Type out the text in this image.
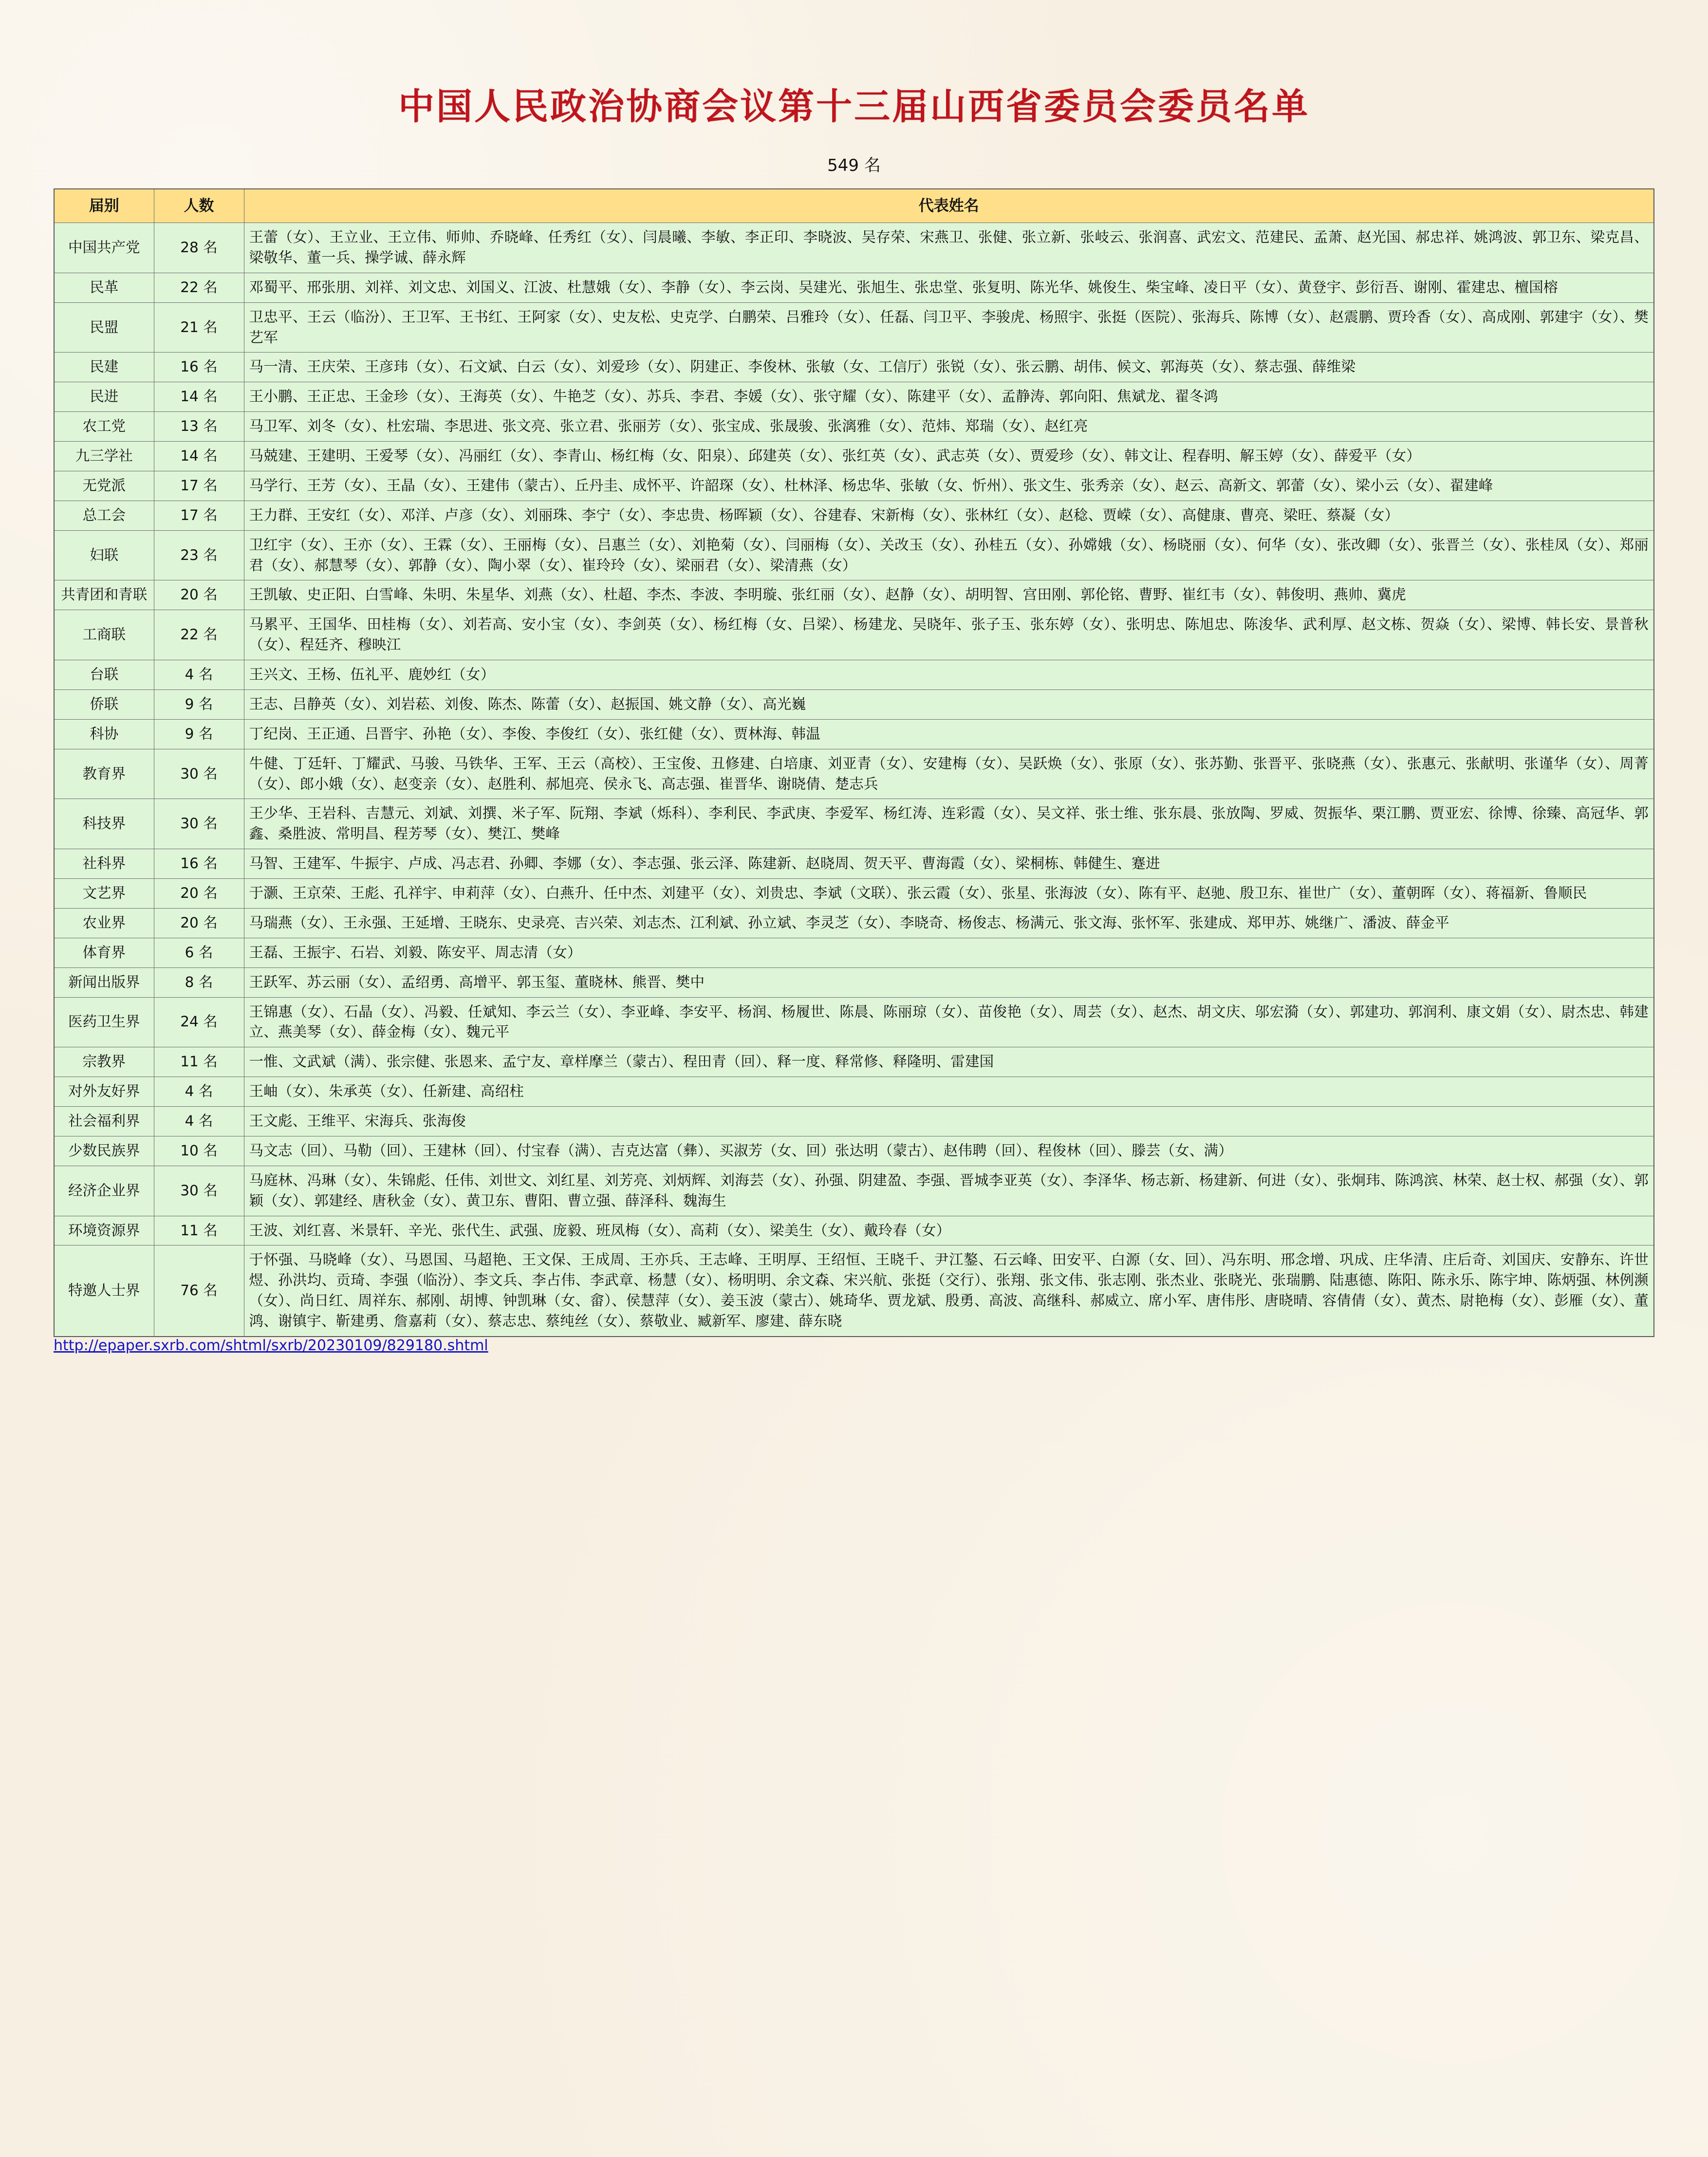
中国人民政治协商会议第十三届山西省委员会委员名单
549 名
届别	人数	代表姓名
中国共产党	28 名	王蕾（女）、王立业、王立伟、师帅、乔晓峰、任秀红（女）、闫晨曦、李敏、李正印、李晓波、吴存荣、宋燕卫、张健、张立新、张岐云、张润喜、武宏文、范建民、孟萧、赵光国、郝忠祥、姚鸿波、郭卫东、梁克昌、梁敬华、董一兵、操学诚、薛永辉
民革	22 名	邓蜀平、邢张朋、刘祥、刘文忠、刘国义、江波、杜慧娥（女）、李静（女）、李云岗、吴建光、张旭生、张忠堂、张复明、陈光华、姚俊生、柴宝峰、凌日平（女）、黄登宇、彭衍吾、谢刚、霍建忠、檀国榕
民盟	21 名	卫忠平、王云（临汾）、王卫军、王书红、王阿家（女）、史友松、史克学、白鹏荣、吕雅玲（女）、任磊、闫卫平、李骏虎、杨照宇、张挺（医院）、张海兵、陈博（女）、赵震鹏、贾玲香（女）、高成刚、郭建宇（女）、樊艺军
民建	16 名	马一清、王庆荣、王彦玮（女）、石文斌、白云（女）、刘爱珍（女）、阴建正、李俊林、张敏（女、工信厅）张锐（女）、张云鹏、胡伟、候文、郭海英（女）、蔡志强、薛维梁
民进	14 名	王小鹏、王正忠、王金珍（女）、王海英（女）、牛艳芝（女）、苏兵、李君、李媛（女）、张守耀（女）、陈建平（女）、孟静涛、郭向阳、焦斌龙、翟冬鸿
农工党	13 名	马卫军、刘冬（女）、杜宏瑞、李思进、张文亮、张立君、张丽芳（女）、张宝成、张晟骏、张漓雅（女）、范炜、郑瑞（女）、赵红亮
九三学社	14 名	马兢建、王建明、王爱琴（女）、冯丽红（女）、李青山、杨红梅（女、阳泉）、邱建英（女）、张红英（女）、武志英（女）、贾爱珍（女）、韩文让、程春明、解玉婷（女）、薛爱平（女）
无党派	17 名	马学行、王芳（女）、王晶（女）、王建伟（蒙古）、丘丹圭、成怀平、许韶琛（女）、杜林泽、杨忠华、张敏（女、忻州）、张文生、张秀亲（女）、赵云、高新文、郭蕾（女）、梁小云（女）、翟建峰
总工会	17 名	王力群、王安红（女）、邓洋、卢彦（女）、刘丽珠、李宁（女）、李忠贵、杨晖颖（女）、谷建春、宋新梅（女）、张林红（女）、赵稔、贾嵘（女）、高健康、曹亮、梁旺、蔡凝（女）
妇联	23 名	卫红宇（女）、王亦（女）、王霖（女）、王丽梅（女）、吕惠兰（女）、刘艳菊（女）、闫丽梅（女）、关改玉（女）、孙桂五（女）、孙嫦娥（女）、杨晓丽（女）、何华（女）、张改卿（女）、张晋兰（女）、张桂凤（女）、郑丽君（女）、郝慧琴（女）、郭静（女）、陶小翠（女）、崔玲玲（女）、梁丽君（女）、梁清燕（女）
共青团和青联	20 名	王凯敏、史正阳、白雪峰、朱明、朱星华、刘燕（女）、杜超、李杰、李波、李明璇、张红丽（女）、赵静（女）、胡明智、宫田刚、郭伦铭、曹野、崔红韦（女）、韩俊明、燕帅、冀虎
工商联	22 名	马累平、王国华、田桂梅（女）、刘若高、安小宝（女）、李剑英（女）、杨红梅（女、吕梁）、杨建龙、吴晓年、张子玉、张东婷（女）、张明忠、陈旭忠、陈浚华、武利厚、赵文栋、贺焱（女）、梁博、韩长安、景普秋（女）、程廷齐、穆映江
台联	4 名	王兴文、王杨、伍礼平、鹿妙红（女）
侨联	9 名	王志、吕静英（女）、刘岩菘、刘俊、陈杰、陈蕾（女）、赵振国、姚文静（女）、高光巍
科协	9 名	丁纪岗、王正通、吕晋宇、孙艳（女）、李俊、李俊红（女）、张红健（女）、贾林海、韩温
教育界	30 名	牛健、丁廷轩、丁耀武、马骏、马铁华、王军、王云（高校）、王宝俊、丑修建、白培康、刘亚青（女）、安建梅（女）、吴跃焕（女）、张原（女）、张苏勤、张晋平、张晓燕（女）、张惠元、张献明、张谨华（女）、周菁（女）、郎小娥（女）、赵变亲（女）、赵胜利、郝旭亮、侯永飞、高志强、崔晋华、谢晓倩、楚志兵
科技界	30 名	王少华、王岩科、吉慧元、刘斌、刘撰、米子军、阮翔、李斌（烁科）、李利民、李武庚、李爱军、杨红涛、连彩霞（女）、吴文祥、张士维、张东晨、张放陶、罗威、贺振华、栗江鹏、贾亚宏、徐博、徐臻、高冠华、郭鑫、桑胜波、常明昌、程芳琴（女）、樊江、樊峰
社科界	16 名	马智、王建军、牛振宇、卢成、冯志君、孙卿、李娜（女）、李志强、张云泽、陈建新、赵晓周、贺天平、曹海霞（女）、梁桐栋、韩健生、蹇进
文艺界	20 名	于灏、王京荣、王彪、孔祥宇、申莉萍（女）、白燕升、任中杰、刘建平（女）、刘贵忠、李斌（文联）、张云霞（女）、张星、张海波（女）、陈有平、赵驰、殷卫东、崔世广（女）、董朝晖（女）、蒋福新、鲁顺民
农业界	20 名	马瑞燕（女）、王永强、王延增、王晓东、史录亮、吉兴荣、刘志杰、江利斌、孙立斌、李灵芝（女）、李晓奇、杨俊志、杨满元、张文海、张怀军、张建成、郑甲苏、姚继广、潘波、薛金平
体育界	6 名	王磊、王振宇、石岩、刘毅、陈安平、周志清（女）
新闻出版界	8 名	王跃军、苏云丽（女）、孟绍勇、高增平、郭玉玺、董晓林、熊晋、樊中
医药卫生界	24 名	王锦惠（女）、石晶（女）、冯毅、任斌知、李云兰（女）、李亚峰、李安平、杨润、杨履世、陈晨、陈丽琼（女）、苗俊艳（女）、周芸（女）、赵杰、胡文庆、邬宏漪（女）、郭建功、郭润利、康文娟（女）、尉杰忠、韩建立、燕美琴（女）、薛金梅（女）、魏元平
宗教界	11 名	一惟、文武斌（满）、张宗健、张恩来、孟宁友、章样摩兰（蒙古）、程田青（回）、释一度、释常修、释隆明、雷建国
对外友好界	4 名	王岫（女）、朱承英（女）、任新建、高绍柱
社会福利界	4 名	王文彪、王维平、宋海兵、张海俊
少数民族界	10 名	马文志（回）、马勒（回）、王建林（回）、付宝春（满）、吉克达富（彝）、买淑芳（女、回）张达明（蒙古）、赵伟聘（回）、程俊林（回）、滕芸（女、满）
经济企业界	30 名	马庭林、冯琳（女）、朱锦彪、任伟、刘世文、刘红星、刘芳亮、刘炳辉、刘海芸（女）、孙强、阴建盈、李强、晋城李亚英（女）、李泽华、杨志新、杨建新、何进（女）、张炯玮、陈鸿滨、林荣、赵士权、郝强（女）、郭颖（女）、郭建经、唐秋金（女）、黄卫东、曹阳、曹立强、薛泽科、魏海生
环境资源界	11 名	王波、刘红喜、米景轩、辛光、张代生、武强、庞毅、班凤梅（女）、高莉（女）、梁美生（女）、戴玲春（女）
特邀人士界	76 名	于怀强、马晓峰（女）、马恩国、马超艳、王文保、王成周、王亦兵、王志峰、王明厚、王绍恒、王晓千、尹江鏊、石云峰、田安平、白源（女、回）、冯东明、邢念增、巩成、庄华清、庄后奇、刘国庆、安静东、许世煜、孙洪均、贡琦、李强（临汾）、李文兵、李占伟、李武章、杨慧（女）、杨明明、余文森、宋兴航、张挺（交行）、张翔、张文伟、张志刚、张杰业、张晓光、张瑞鹏、陆惠德、陈阳、陈永乐、陈宇坤、陈炳强、林例濒（女）、尚日红、周祥东、郝刚、胡博、钟凯琳（女、畲）、侯慧萍（女）、姜玉波（蒙古）、姚琦华、贾龙斌、殷勇、高波、高继科、郝威立、席小军、唐伟彤、唐晓晴、容倩倩（女）、黄杰、尉艳梅（女）、彭雁（女）、董鸿、谢镇宇、靳建勇、詹嘉莉（女）、蔡志忠、蔡纯丝（女）、蔡敬业、臧新军、廖建、薛东晓
http://epaper.sxrb.com/shtml/sxrb/20230109/829180.shtml
